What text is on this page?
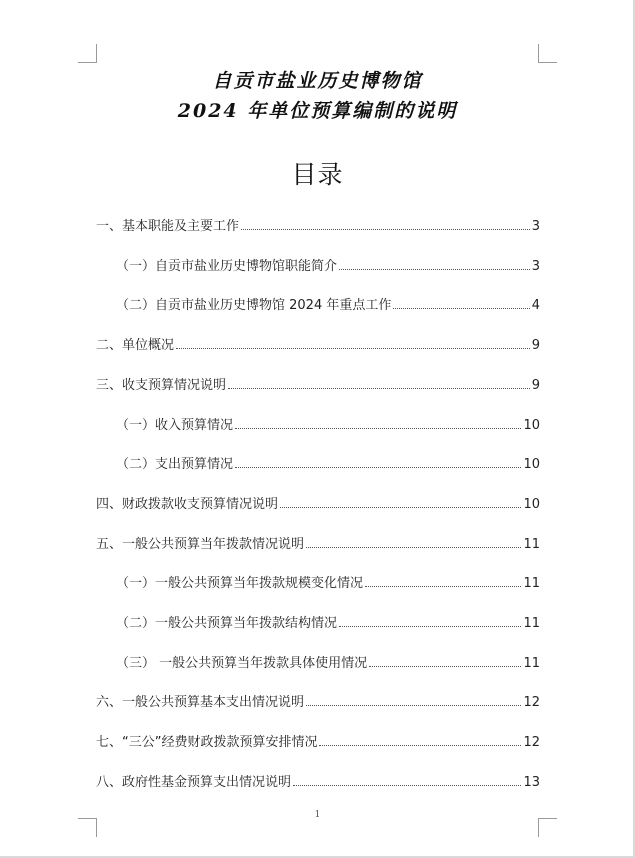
自贡市盐业历史博物馆
2024 年单位预算编制的说明
目录
一、基本职能及主要工作	3
（一）自贡市盐业历史博物馆职能简介	3
（二）自贡市盐业历史博物馆 2024 年重点工作	4
二、单位概况	9
三、收支预算情况说明	9
（一）收入预算情况	10
（二）支出预算情况	10
四、财政拨款收支预算情况说明	10
五、一般公共预算当年拨款情况说明	11
（一）一般公共预算当年拨款规模变化情况	11
（二）一般公共预算当年拨款结构情况	11
（三） 一般公共预算当年拨款具体使用情况	11
六、一般公共预算基本支出情况说明	12
七、“三公”经费财政拨款预算安排情况	12
八、政府性基金预算支出情况说明	13
1
